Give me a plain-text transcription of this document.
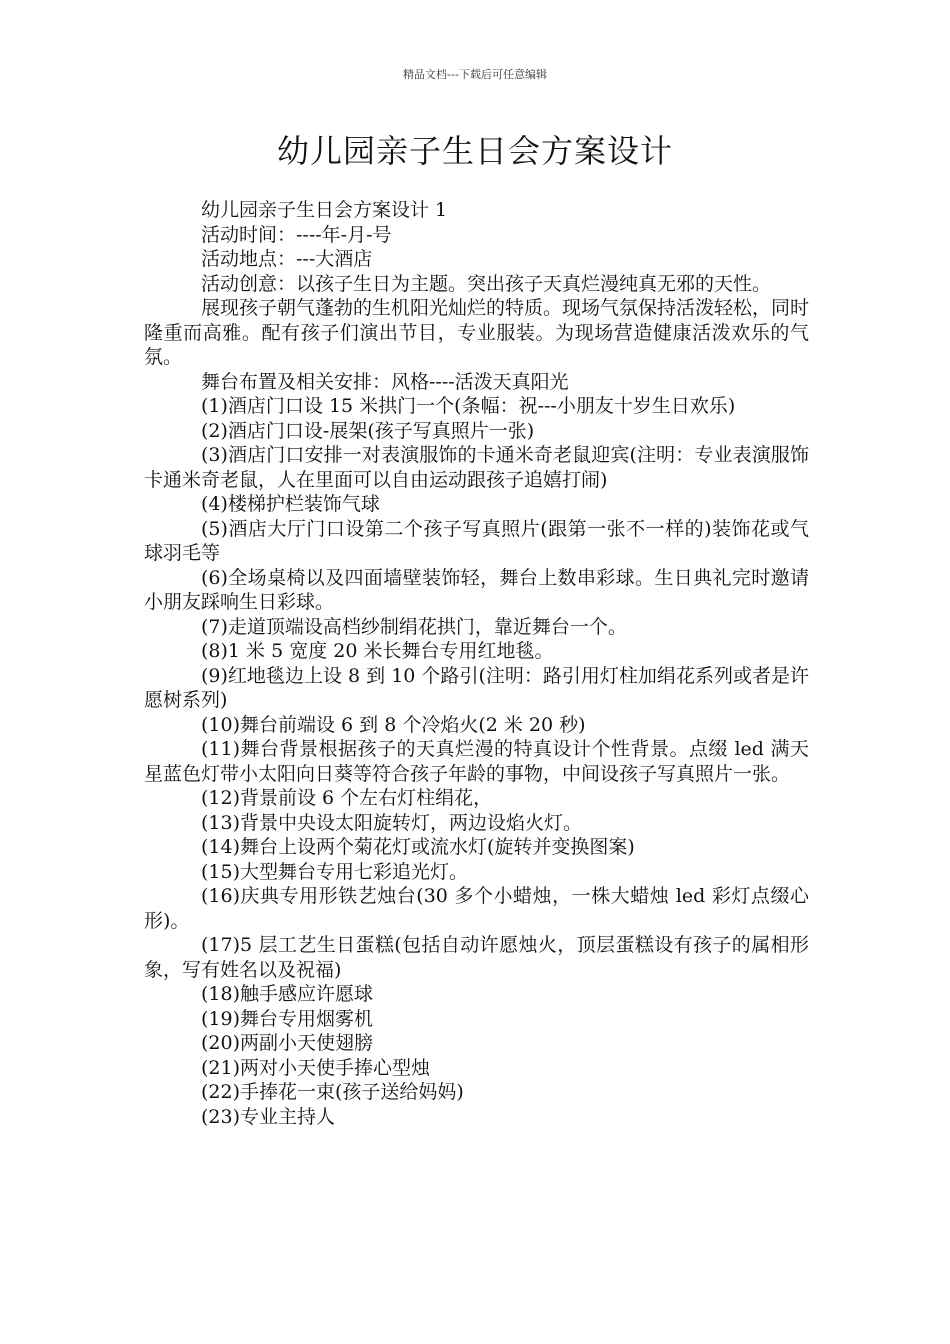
精品文档---下载后可任意编辑
幼儿园亲子生日会方案设计

幼儿园亲子生日会方案设计 1

活动时间：----年-月-号

活动地点：---大酒店

活动创意：以孩子生日为主题。突出孩子天真烂漫纯真无邪的天性。

展现孩子朝气蓬勃的生机阳光灿烂的特质。现场气氛保持活泼轻松，同时隆重而高雅。配有孩子们演出节目，专业服装。为现场营造健康活泼欢乐的气氛。

舞台布置及相关安排：风格----活泼天真阳光

(1)酒店门口设 15 米拱门一个(条幅：祝---小朋友十岁生日欢乐)

(2)酒店门口设-展架(孩子写真照片一张)

(3)酒店门口安排一对表演服饰的卡通米奇老鼠迎宾(注明：专业表演服饰卡通米奇老鼠，人在里面可以自由运动跟孩子追嬉打闹)

(4)楼梯护栏装饰气球

(5)酒店大厅门口设第二个孩子写真照片(跟第一张不一样的)装饰花或气球羽毛等

(6)全场桌椅以及四面墙壁装饰轻，舞台上数串彩球。生日典礼完时邀请小朋友踩响生日彩球。

(7)走道顶端设高档纱制绢花拱门，靠近舞台一个。

(8)1 米 5 宽度 20 米长舞台专用红地毯。

(9)红地毯边上设 8 到 10 个路引(注明：路引用灯柱加绢花系列或者是许愿树系列)

(10)舞台前端设 6 到 8 个冷焰火(2 米 20 秒)

(11)舞台背景根据孩子的天真烂漫的特真设计个性背景。点缀 led 满天星蓝色灯带小太阳向日葵等符合孩子年龄的事物，中间设孩子写真照片一张。

(12)背景前设 6 个左右灯柱绢花，

(13)背景中央设太阳旋转灯，两边设焰火灯。

(14)舞台上设两个菊花灯或流水灯(旋转并变换图案)

(15)大型舞台专用七彩追光灯。

(16)庆典专用形铁艺烛台(30 多个小蜡烛，一株大蜡烛 led 彩灯点缀心形)。

(17)5 层工艺生日蛋糕(包括自动许愿烛火，顶层蛋糕设有孩子的属相形象，写有姓名以及祝福)

(18)触手感应许愿球

(19)舞台专用烟雾机

(20)两副小天使翅膀

(21)两对小天使手捧心型烛

(22)手捧花一束(孩子送给妈妈)

(23)专业主持人
